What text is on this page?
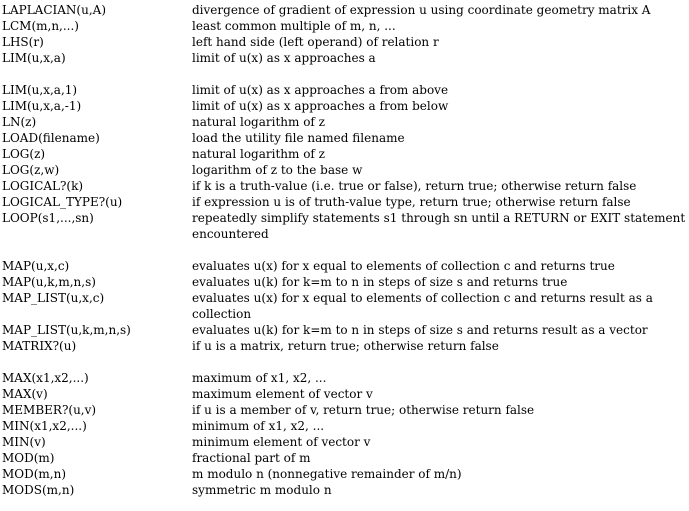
LAPLACIAN(u,A)	divergence of gradient of expression u using coordinate geometry matrix A
LCM(m,n,...)	least common multiple of m, n, ...
LHS(r)	left hand side (left operand) of relation r
LIM(u,x,a)	limit of u(x) as x approaches a
LIM(u,x,a,1)	limit of u(x) as x approaches a from above
LIM(u,x,a,-1)	limit of u(x) as x approaches a from below
LN(z)	natural logarithm of z
LOAD(filename)	load the utility file named filename
LOG(z)	natural logarithm of z
LOG(z,w)	logarithm of z to the base w
LOGICAL?(k)	if k is a truth-value (i.e. true or false), return true; otherwise return false
LOGICAL_TYPE?(u)	if expression u is of truth-value type, return true; otherwise return false
LOOP(s1,...,sn)	repeatedly simplify statements s1 through sn until a RETURN or EXIT statement encountered
MAP(u,x,c)	evaluates u(x) for x equal to elements of collection c and returns true
MAP(u,k,m,n,s)	evaluates u(k) for k=m to n in steps of size s and returns true
MAP_LIST(u,x,c)	evaluates u(x) for x equal to elements of collection c and returns result as a collection
MAP_LIST(u,k,m,n,s)	evaluates u(k) for k=m to n in steps of size s and returns result as a vector
MATRIX?(u)	if u is a matrix, return true; otherwise return false
MAX(x1,x2,...)	maximum of x1, x2, ...
MAX(v)	maximum element of vector v
MEMBER?(u,v)	if u is a member of v, return true; otherwise return false
MIN(x1,x2,...)	minimum of x1, x2, ...
MIN(v)	minimum element of vector v
MOD(m)	fractional part of m
MOD(m,n)	m modulo n (nonnegative remainder of m/n)
MODS(m,n)	symmetric m modulo n
